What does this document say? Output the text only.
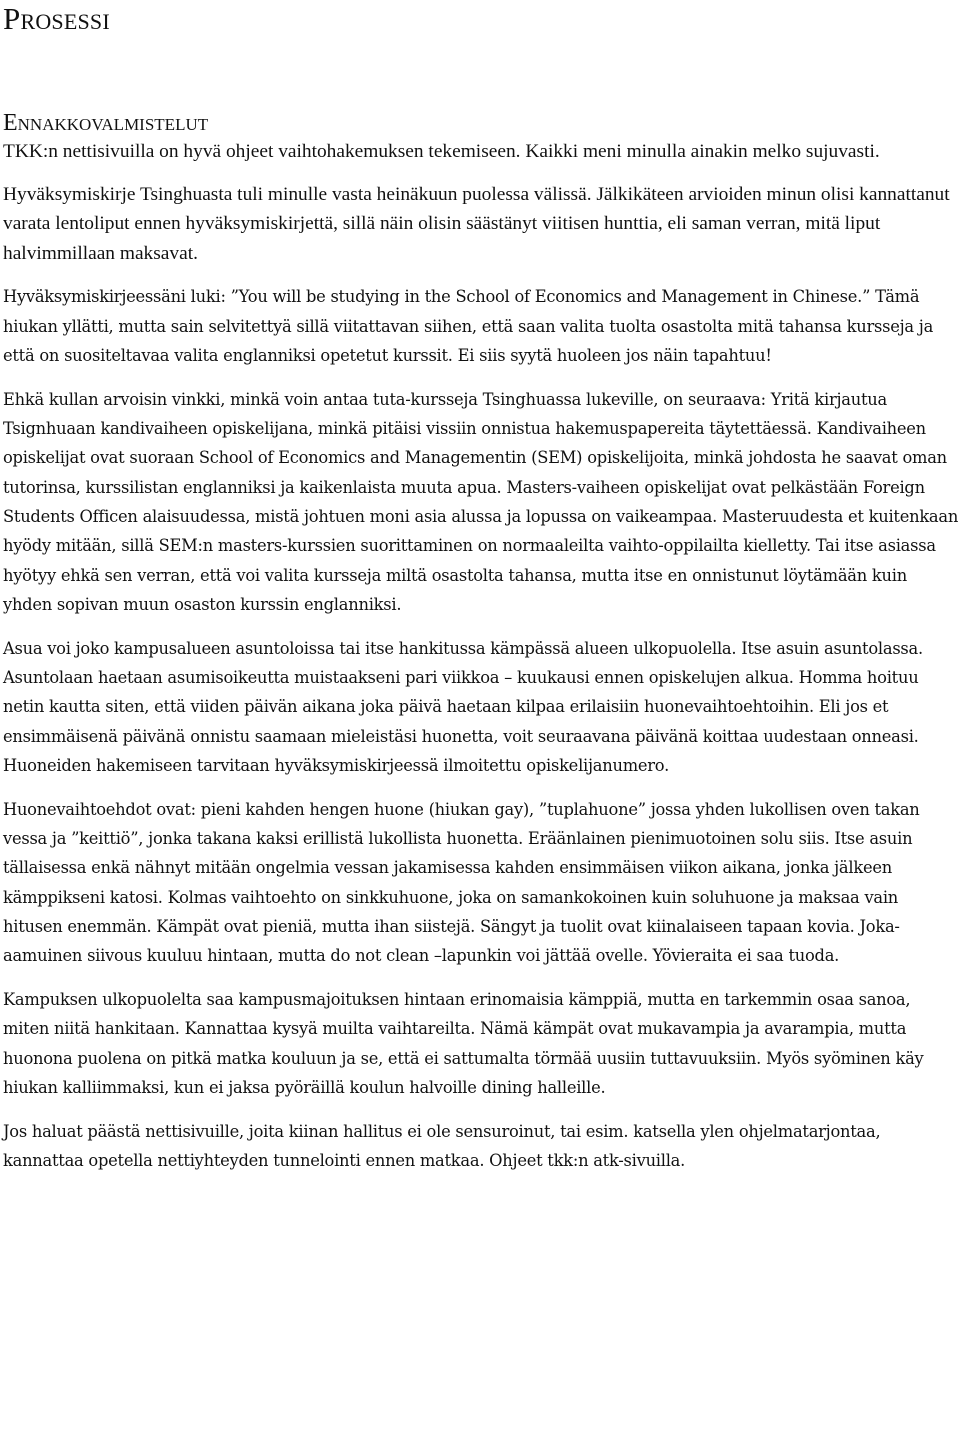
Prosessi
Ennakkovalmistelut

TKK:n nettisivuilla on hyvä ohjeet vaihtohakemuksen tekemiseen. Kaikki meni minulla ainakin melko sujuvasti.

Hyväksymiskirje Tsinghuasta tuli minulle vasta heinäkuun puolessa välissä. Jälkikäteen arvioiden minun olisi kannattanut varata lentoliput ennen hyväksymiskirjettä, sillä näin olisin säästänyt viitisen hunttia, eli saman verran, mitä liput halvimmillaan maksavat.

Hyväksymiskirjeessäni luki: ”You will be studying in the School of Economics and Management in Chinese.” Tämä hiukan yllätti, mutta sain selvitettyä sillä viitattavan siihen, että saan valita tuolta osastolta mitä tahansa kursseja ja että on suositeltavaa valita englanniksi opetetut kurssit. Ei siis syytä huoleen jos näin tapahtuu!

Ehkä kullan arvoisin vinkki, minkä voin antaa tuta-kursseja Tsinghuassa lukeville, on seuraava: Yritä kirjautua Tsignhuaan kandivaiheen opiskelijana, minkä pitäisi vissiin onnistua hakemuspapereita täytettäessä. Kandivaiheen opiskelijat ovat suoraan School of Economics and Managementin (SEM) opiskelijoita, minkä johdosta he saavat oman tutorinsa, kurssilistan englanniksi ja kaikenlaista muuta apua. Masters-vaiheen opiskelijat ovat pelkästään Foreign Students Officen alaisuudessa, mistä johtuen moni asia alussa ja lopussa on vaikeampaa. Masteruudesta et kuitenkaan hyödy mitään, sillä SEM:n masters-kurssien suorittaminen on normaaleilta vaihto-oppilailta kielletty. Tai itse asiassa hyötyy ehkä sen verran, että voi valita kursseja miltä osastolta tahansa, mutta itse en onnistunut löytämään kuin yhden sopivan muun osaston kurssin englanniksi.

Asua voi joko kampusalueen asuntoloissa tai itse hankitussa kämpässä alueen ulkopuolella. Itse asuin asuntolassa. Asuntolaan haetaan asumisoikeutta muistaakseni pari viikkoa – kuukausi ennen opiskelujen alkua. Homma hoituu netin kautta siten, että viiden päivän aikana joka päivä haetaan kilpaa erilaisiin huonevaihtoehtoihin. Eli jos et ensimmäisenä päivänä onnistu saamaan mieleistäsi huonetta, voit seuraavana päivänä koittaa uudestaan onneasi. Huoneiden hakemiseen tarvitaan hyväksymiskirjeessä ilmoitettu opiskelijanumero.

Huonevaihtoehdot ovat: pieni kahden hengen huone (hiukan gay), ”tuplahuone” jossa yhden lukollisen oven takan vessa ja ”keittiö”, jonka takana kaksi erillistä lukollista huonetta. Eräänlainen pienimuotoinen solu siis. Itse asuin tällaisessa enkä nähnyt mitään ongelmia vessan jakamisessa kahden ensimmäisen viikon aikana, jonka jälkeen kämppikseni katosi. Kolmas vaihtoehto on sinkkuhuone, joka on samankokoinen kuin soluhuone ja maksaa vain hitusen enemmän. Kämpät ovat pieniä, mutta ihan siistejä. Sängyt ja tuolit ovat kiinalaiseen tapaan kovia. Joka-aamuinen siivous kuuluu hintaan, mutta do not clean –lapunkin voi jättää ovelle. Yövieraita ei saa tuoda.

Kampuksen ulkopuolelta saa kampusmajoituksen hintaan erinomaisia kämppiä, mutta en tarkemmin osaa sanoa, miten niitä hankitaan. Kannattaa kysyä muilta vaihtareilta. Nämä kämpät ovat mukavampia ja avarampia, mutta huonona puolena on pitkä matka kouluun ja se, että ei sattumalta törmää uusiin tuttavuuksiin. Myös syöminen käy hiukan kalliimmaksi, kun ei jaksa pyöräillä koulun halvoille dining halleille.

Jos haluat päästä nettisivuille, joita kiinan hallitus ei ole sensuroinut, tai esim. katsella ylen ohjelmatarjontaa, kannattaa opetella nettiyhteyden tunnelointi ennen matkaa. Ohjeet tkk:n atk-sivuilla.
